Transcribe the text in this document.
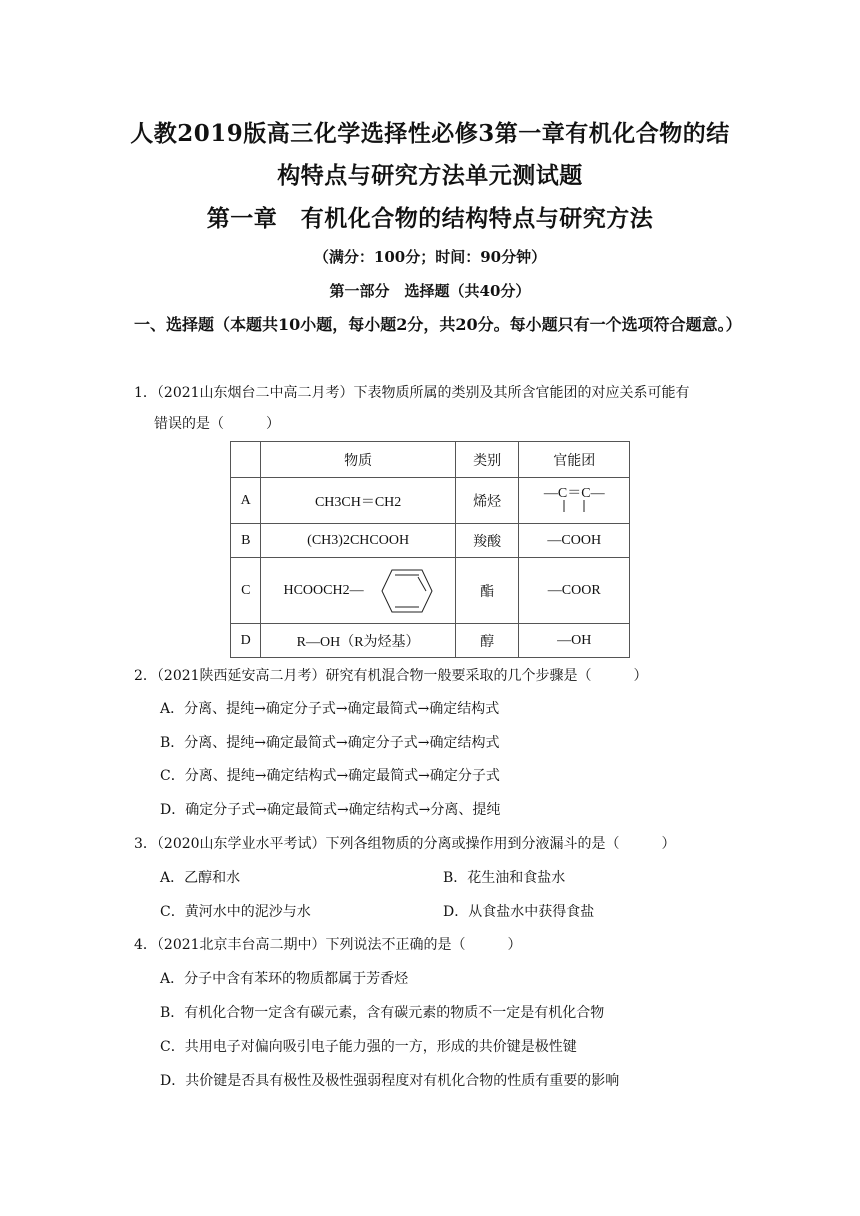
人教2019版高三化学选择性必修3第一章有机化合物的结
构特点与研究方法单元测试题
第一章　有机化合物的结构特点与研究方法
（满分：100分；时间：90分钟）
第一部分　选择题（共40分）
一、选择题（本题共10小题，每小题2分，共20分。每小题只有一个选项符合题意。）
1．（2021山东烟台二中高二月考）下表物质所属的类别及其所含官能团的对应关系可能有
错误的是（　　　）
	物质	类别	官能团
A	CH3CH＝CH2	烯烃	—C＝C—

B	(CH3)2CHCOOH	羧酸	—COOH
C	HCOOCH2—	酯	—COOR
D	R—OH（R为烃基）	醇	—OH
2．（2021陕西延安高二月考）研究有机混合物一般要采取的几个步骤是（　　　）
A．分离、提纯→确定分子式→确定最简式→确定结构式
B．分离、提纯→确定最简式→确定分子式→确定结构式
C．分离、提纯→确定结构式→确定最简式→确定分子式
D．确定分子式→确定最简式→确定结构式→分离、提纯
3．（2020山东学业水平考试）下列各组物质的分离或操作用到分液漏斗的是（　　　）
A．乙醇和水	B．花生油和食盐水
C．黄河水中的泥沙与水	D．从食盐水中获得食盐
4．（2021北京丰台高二期中）下列说法不正确的是（　　　）
A．分子中含有苯环的物质都属于芳香烃
B．有机化合物一定含有碳元素，含有碳元素的物质不一定是有机化合物
C．共用电子对偏向吸引电子能力强的一方，形成的共价键是极性键
D．共价键是否具有极性及极性强弱程度对有机化合物的性质有重要的影响
